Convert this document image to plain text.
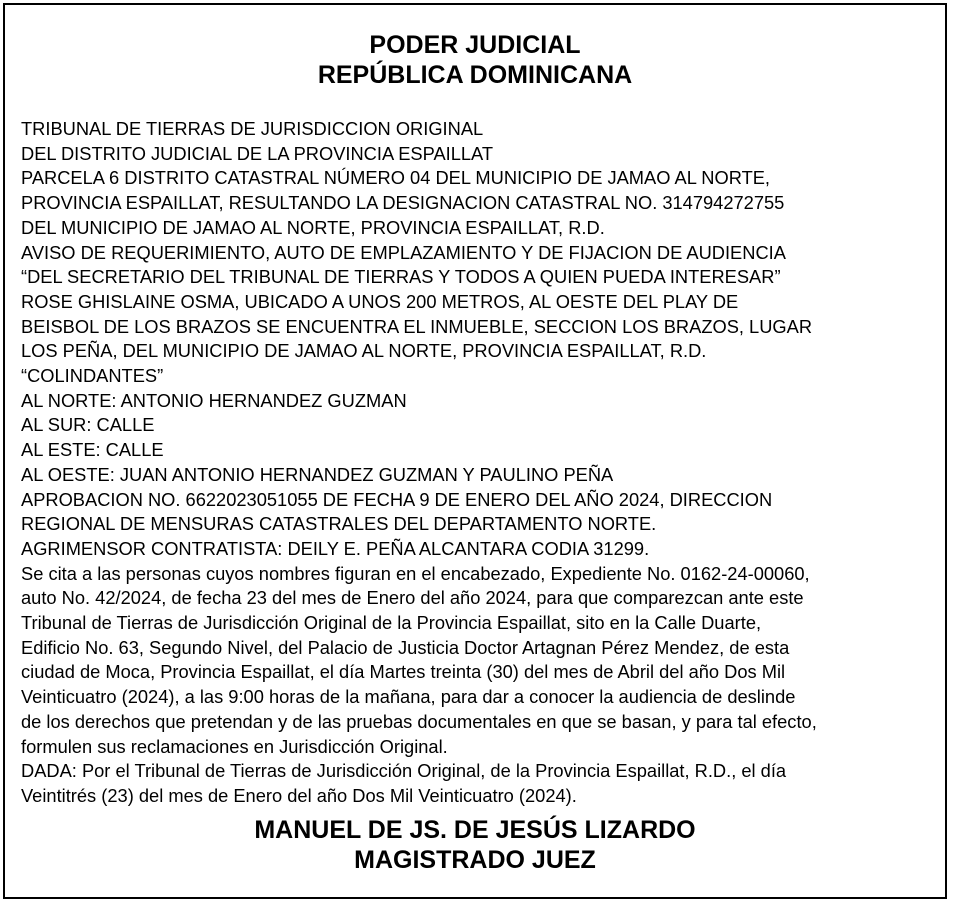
PODER JUDICIAL
REPÚBLICA DOMINICANA
TRIBUNAL DE TIERRAS DE JURISDICCION ORIGINAL
DEL DISTRITO JUDICIAL DE LA PROVINCIA ESPAILLAT
PARCELA 6 DISTRITO CATASTRAL NÚMERO 04 DEL MUNICIPIO DE JAMAO AL NORTE,
PROVINCIA ESPAILLAT, RESULTANDO LA DESIGNACION CATASTRAL NO. 314794272755
DEL MUNICIPIO DE JAMAO AL NORTE, PROVINCIA ESPAILLAT, R.D.
AVISO DE REQUERIMIENTO, AUTO DE EMPLAZAMIENTO Y DE FIJACION DE AUDIENCIA
“DEL SECRETARIO DEL TRIBUNAL DE TIERRAS Y TODOS A QUIEN PUEDA INTERESAR”
ROSE GHISLAINE OSMA, UBICADO A UNOS 200 METROS, AL OESTE DEL PLAY DE
BEISBOL DE LOS BRAZOS SE ENCUENTRA EL INMUEBLE, SECCION LOS BRAZOS, LUGAR
LOS PEÑA, DEL MUNICIPIO DE JAMAO AL NORTE, PROVINCIA ESPAILLAT, R.D.
“COLINDANTES”
AL NORTE: ANTONIO HERNANDEZ GUZMAN
AL SUR: CALLE
AL ESTE: CALLE
AL OESTE: JUAN ANTONIO HERNANDEZ GUZMAN Y PAULINO PEÑA
APROBACION NO. 6622023051055 DE FECHA 9 DE ENERO DEL AÑO 2024, DIRECCION
REGIONAL DE MENSURAS CATASTRALES DEL DEPARTAMENTO NORTE.
AGRIMENSOR CONTRATISTA: DEILY E. PEÑA ALCANTARA CODIA 31299.
Se cita a las personas cuyos nombres figuran en el encabezado, Expediente No. 0162-24-00060,
auto No. 42/2024, de fecha 23 del mes de Enero del año 2024, para que comparezcan ante este
Tribunal de Tierras de Jurisdicción Original de la Provincia Espaillat, sito en la Calle Duarte,
Edificio No. 63, Segundo Nivel, del Palacio de Justicia Doctor Artagnan Pérez Mendez, de esta
ciudad de Moca, Provincia Espaillat, el día Martes treinta (30) del mes de Abril del año Dos Mil
Veinticuatro (2024), a las 9:00 horas de la mañana, para dar a conocer la audiencia de deslinde
de los derechos que pretendan y de las pruebas documentales en que se basan, y para tal efecto,
formulen sus reclamaciones en Jurisdicción Original.
DADA: Por el Tribunal de Tierras de Jurisdicción Original, de la Provincia Espaillat, R.D., el día
Veintitrés (23) del mes de Enero del año Dos Mil Veinticuatro (2024).
MANUEL DE JS. DE JESÚS LIZARDO
MAGISTRADO JUEZ
